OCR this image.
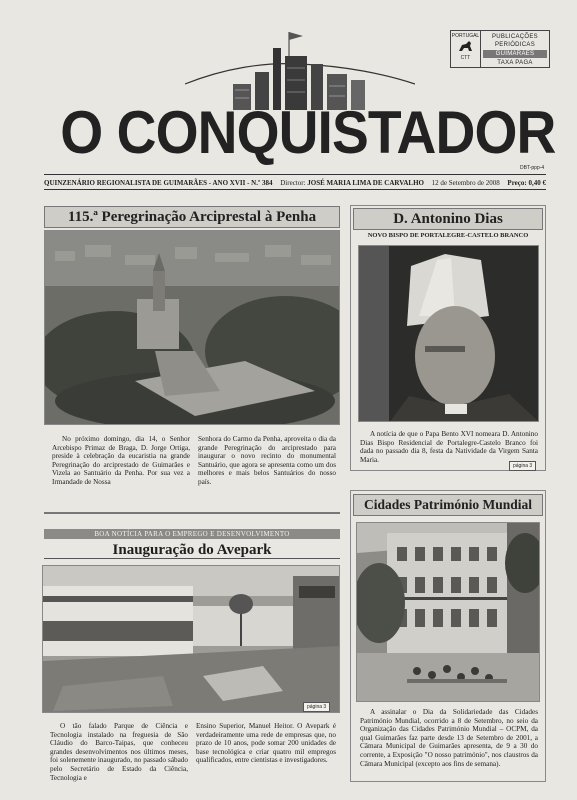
PORTUGAL
CTT
PUBLICAÇÕES
PERIÓDICAS
GUIMARÃES
TAXA PAGA
O CONQUISTADOR
DBT-ppp-4
QUINZENÁRIO REGIONALISTA DE GUIMARÃES - ANO XVII - N.º 384 Director: JOSÉ MARIA LIMA DE CARVALHO 12 de Setembro de 2008 Preço: 0,40 €
115.ª Peregrinação Arciprestal à Penha
No próximo domingo, dia 14, o Senhor Arcebispo Primaz de Braga, D. Jorge Ortiga, preside à celebração da eucaristia na grande Peregrinação do arciprestado de Guimarães e Vizela ao Santuário da Penha. Por sua vez a Irmandade de Nossa
Senhora do Carmo da Penha, aproveita o dia da grande Peregrinação do arciprestado para inaugurar o novo recinto do monumental Santuário, que agora se apresenta como um dos melhores e mais belos Santuários do nosso país.
D. Antonino Dias
NOVO BISPO DE PORTALEGRE-CASTELO BRANCO
A notícia de que o Papa Bento XVI nomeara D. Antonino Dias Bispo Residencial de Portalegre-Castelo Branco foi dada no passado dia 8, festa da Natividade da Virgem Santa Maria.
página 3
BOA NOTÍCIA PARA O EMPREGO E DESENVOLVIMENTO
Inauguração do Avepark
página 3
O tão falado Parque de Ciência e Tecnologia instalado na freguesia de São Cláudio do Barco-Taipas, que conheceu grandes desenvolvimentos nos últimos meses, foi solenemente inaugurado, no passado sábado pelo Secretário de Estado da Ciência, Tecnologia e
Ensino Superior, Manuel Heitor. O Avepark é verdadeiramente uma rede de empresas que, no prazo de 10 anos, pode somar 200 unidades de base tecnológica e criar quatro mil empregos qualificados, entre cientistas e investigadores.
Cidades Património Mundial
A assinalar o Dia da Solidariedade das Cidades Património Mundial, ocorrido a 8 de Setembro, no seio da Organização das Cidades Património Mundial – OCPM, da qual Guimarães faz parte desde 13 de Setembro de 2001, a Câmara Municipal de Guimarães apresenta, de 9 a 30 do corrente, a Exposição "O nosso património", nos claustros da Câmara Municipal (excepto aos fins de semana).
